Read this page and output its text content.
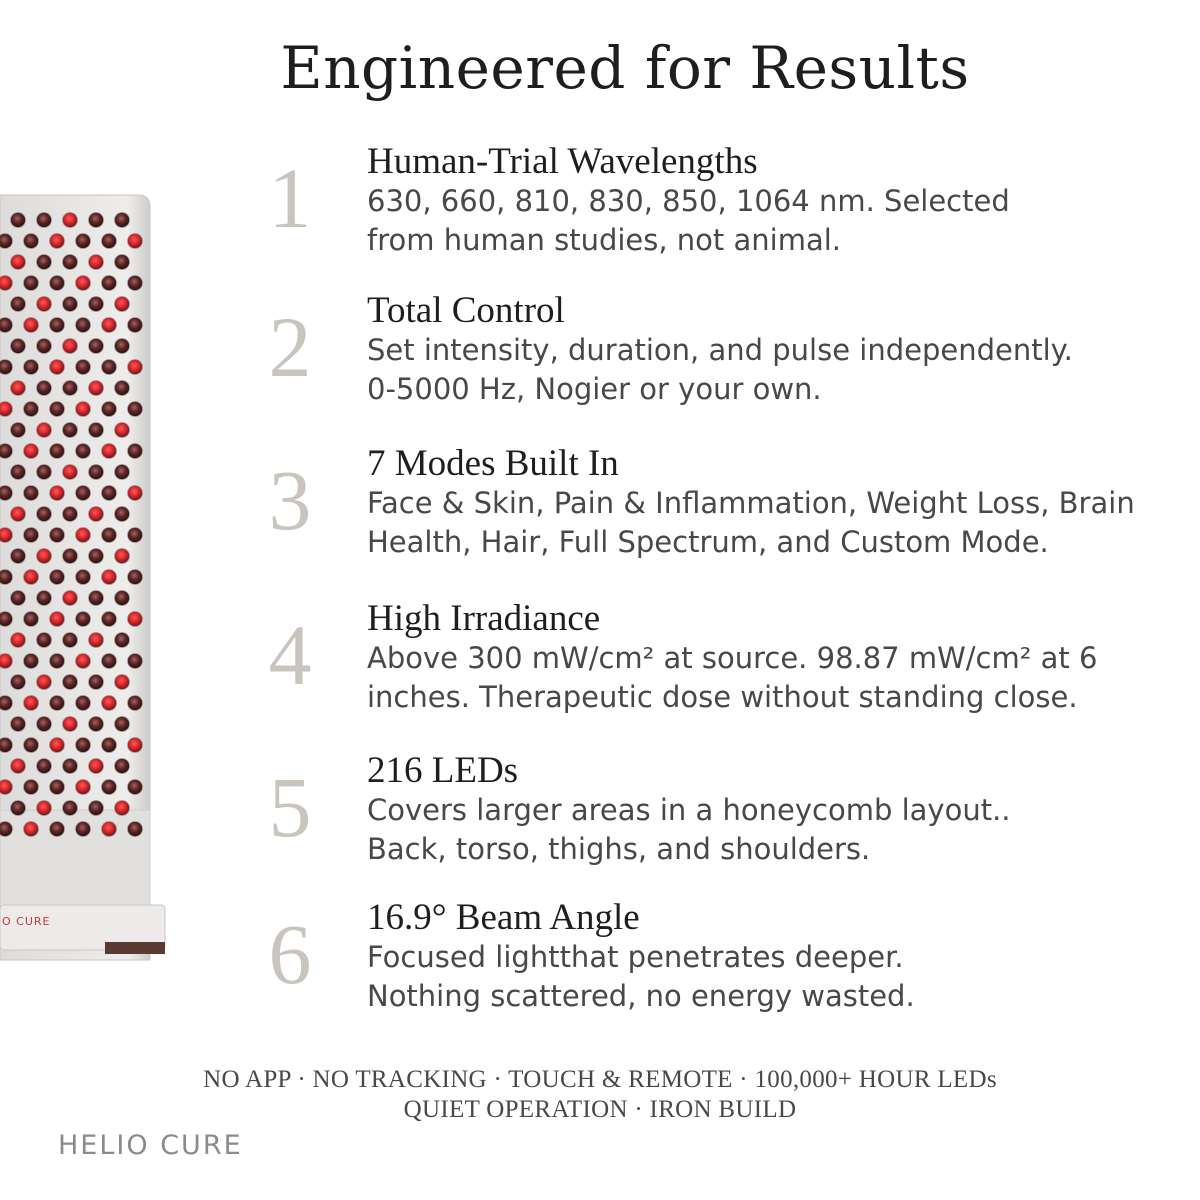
Engineered for Results
O CURE
1	Human-Trial Wavelengths
630, 660, 810, 830, 850, 1064 nm. Selected
from human studies, not animal.
2	Total Control
Set intensity, duration, and pulse independently.
0-5000 Hz, Nogier or your own.
3	7 Modes Built In
Face & Skin, Pain & Inflammation, Weight Loss, Brain
Health, Hair, Full Spectrum, and Custom Mode.
4	High Irradiance
Above 300 mW/cm² at source. 98.87 mW/cm² at 6
inches. Therapeutic dose without standing close.
5	216 LEDs
Covers larger areas in a honeycomb layout..
Back, torso, thighs, and shoulders.
6	16.9° Beam Angle
Focused lightthat penetrates deeper.
Nothing scattered, no energy wasted.
NO APP · NO TRACKING · TOUCH & REMOTE · 100,000+ HOUR LEDs
QUIET OPERATION · IRON BUILD
HELIO CURE
